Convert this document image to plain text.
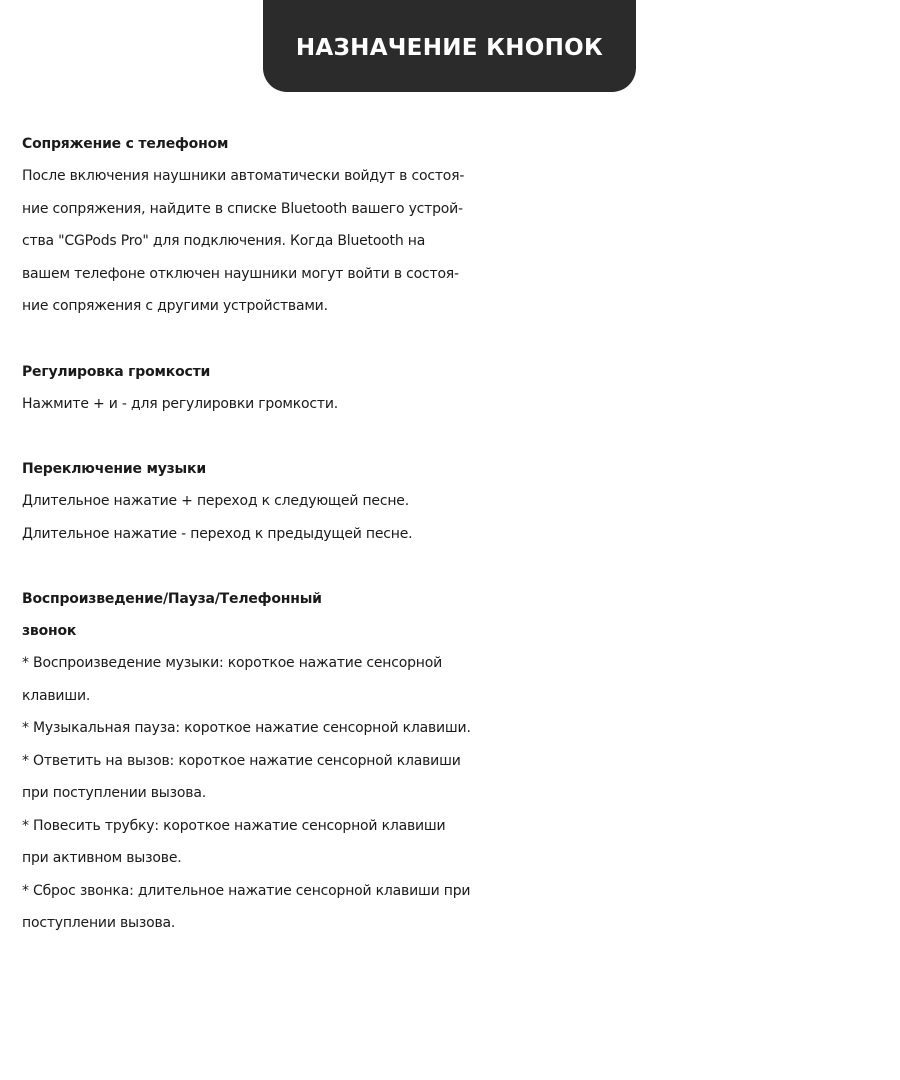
НАЗНАЧЕНИЕ КНОПОК
Сопряжение с телефоном
После включения наушники автоматически войдут в состоя-
ние сопряжения, найдите в списке Bluetooth вашего устрой-
ства "CGPods Pro" для подключения. Когда Bluetooth на
вашем телефоне отключен наушники могут войти в состоя-
ние сопряжения с другими устройствами.
Регулировка громкости
Нажмите + и - для регулировки громкости.
Переключение музыки
Длительное нажатие + переход к следующей песне.
Длительное нажатие - переход к предыдущей песне.
Воспроизведение/Пауза/Телефонный
звонок
* Воспроизведение музыки: короткое нажатие сенсорной
клавиши.
* Музыкальная пауза: короткое нажатие сенсорной клавиши.
* Ответить на вызов: короткое нажатие сенсорной клавиши
при поступлении вызова.
* Повесить трубку: короткое нажатие сенсорной клавиши
при активном вызове.
* Сброс звонка: длительное нажатие сенсорной клавиши при
поступлении вызова.
